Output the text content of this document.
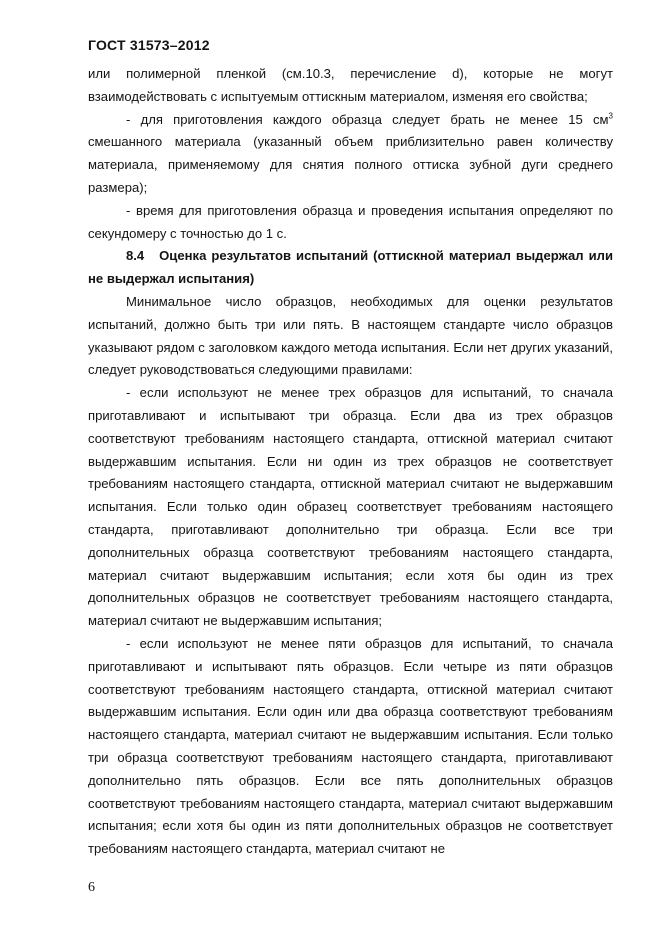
ГОСТ 31573–2012

или полимерной пленкой (см.10.3, перечисление d), которые не могут взаимодействовать с испытуемым оттискным материалом, изменяя его свойства;

- для приготовления каждого образца следует брать не менее 15 $см^3$ смешанного материала (указанный объем приблизительно равен количеству материала, применяемому для снятия полного оттиска зубной дуги среднего размера);

- время для приготовления образца и проведения испытания определяют по секундомеру с точностью до 1 с.

8.4   Оценка результатов испытаний (оттискной материал выдержал или не выдержал испытания)

Минимальное число образцов, необходимых для оценки результатов испытаний, должно быть три или пять. В настоящем стандарте число образцов указывают рядом с заголовком каждого метода испытания. Если нет других указаний, следует руководствоваться следующими правилами:

- если используют не менее трех образцов для испытаний, то сначала приготавливают и испытывают три образца. Если два из трех образцов соответствуют требованиям настоящего стандарта, оттискной материал считают выдержавшим испытания. Если ни один из трех образцов не соответствует требованиям настоящего стандарта, оттискной материал считают не выдержавшим испытания. Если только один образец соответствует требованиям настоящего стандарта, приготавливают дополнительно три образца. Если все три дополнительных образца соответствуют требованиям настоящего стандарта, материал считают выдержавшим испытания; если хотя бы один из трех дополнительных образцов не соответствует требованиям настоящего стандарта, материал считают не выдержавшим испытания;

- если используют не менее пяти образцов для испытаний, то сначала приготавливают и испытывают пять образцов. Если четыре из пяти образцов соответствуют требованиям настоящего стандарта, оттискной материал считают выдержавшим испытания. Если один или два образца соответствуют требованиям настоящего стандарта, материал считают не выдержавшим испытания. Если только три образца соответствуют требованиям настоящего стандарта, приготавливают дополнительно пять образцов. Если все пять дополнительных образцов соответствуют требованиям настоящего стандарта, материал считают выдержавшим испытания; если хотя бы один из пяти дополнительных образцов не соответствует требованиям настоящего стандарта, материал считают не

6
